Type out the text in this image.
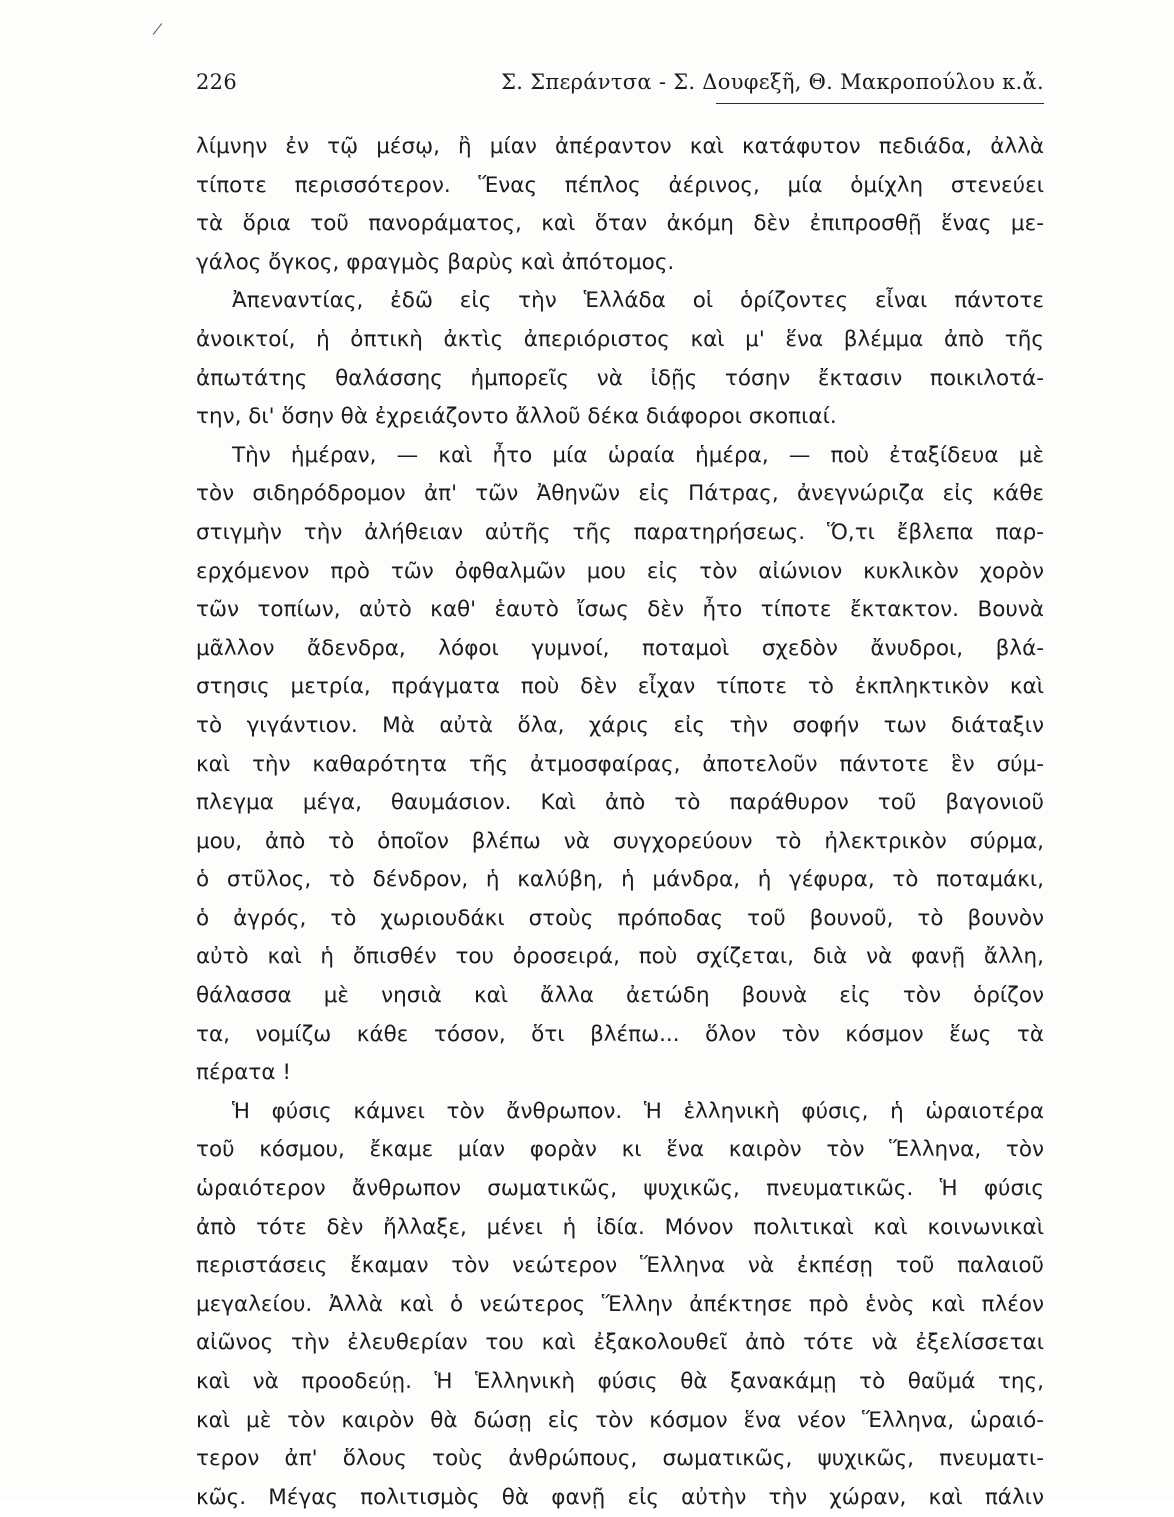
226	Σ. Σπεράντσα - Σ. Δουφεξῆ, Θ. Μακροπούλου κ.ἄ.
λίμνην ἐν τῷ μέσῳ, ἢ μίαν ἀπέραντον καὶ κατάφυτον πεδιάδα, ἀλλὰ
τίποτε περισσότερον. Ἕνας πέπλος ἀέρινος, μία ὁμίχλη στενεύει
τὰ ὅρια τοῦ πανοράματος, καὶ ὅταν ἀκόμη δὲν ἐπιπροσθῇ ἕνας με-
γάλος ὄγκος, φραγμὸς βαρὺς καὶ ἀπότομος.
Ἀπεναντίας, ἐδῶ εἰς τὴν Ἑλλάδα οἱ ὁρίζοντες εἶναι πάντοτε
ἀνοικτοί, ἡ ὀπτικὴ ἀκτὶς ἀπεριόριστος καὶ μ' ἕνα βλέμμα ἀπὸ τῆς
ἀπωτάτης θαλάσσης ἠμπορεῖς νὰ ἰδῇς τόσην ἔκτασιν ποικιλοτά-
την, δι' ὅσην θὰ ἐχρειάζοντο ἄλλοῦ δέκα διάφοροι σκοπιαί.
Τὴν ἡμέραν, — καὶ ἦτο μία ὡραία ἡμέρα, — ποὺ ἐταξίδευα μὲ
τὸν σιδηρόδρομον ἀπ' τῶν Ἀθηνῶν εἰς Πάτρας, ἀνεγνώριζα εἰς κάθε
στιγμὴν τὴν ἀλήθειαν αὐτῆς τῆς παρατηρήσεως. Ὅ,τι ἔβλεπα παρ-
ερχόμενον πρὸ τῶν ὀφθαλμῶν μου εἰς τὸν αἰώνιον κυκλικὸν χορὸν
τῶν τοπίων, αὐτὸ καθ' ἑαυτὸ ἴσως δὲν ἦτο τίποτε ἔκτακτον. Βουνὰ
μᾶλλον ἄδενδρα, λόφοι γυμνοί, ποταμοὶ σχεδὸν ἄνυδροι, βλά-
στησις μετρία, πράγματα ποὺ δὲν εἶχαν τίποτε τὸ ἐκπληκτικὸν καὶ
τὸ γιγάντιον. Μὰ αὐτὰ ὅλα, χάρις εἰς τὴν σοφήν των διάταξιν
καὶ τὴν καθαρότητα τῆς ἀτμοσφαίρας, ἀποτελοῦν πάντοτε ἓν σύμ-
πλεγμα μέγα, θαυμάσιον. Καὶ ἀπὸ τὸ παράθυρον τοῦ βαγονιοῦ
μου, ἀπὸ τὸ ὁποῖον βλέπω νὰ συγχορεύουν τὸ ἠλεκτρικὸν σύρμα,
ὁ στῦλος, τὸ δένδρον, ἡ καλύβη, ἡ μάνδρα, ἡ γέφυρα, τὸ ποταμάκι,
ὁ ἀγρός, τὸ χωριουδάκι στοὺς πρόποδας τοῦ βουνοῦ, τὸ βουνὸν
αὐτὸ καὶ ἡ ὄπισθέν του ὀροσειρά, ποὺ σχίζεται, διὰ νὰ φανῇ ἄλλη,
θάλασσα μὲ νησιὰ καὶ ἄλλα ἀετώδη βουνὰ εἰς τὸν ὁρίζον
τα, νομίζω κάθε τόσον, ὅτι βλέπω... ὅλον τὸν κόσμον ἕως τὰ
πέρατα !
Ἡ φύσις κάμνει τὸν ἄνθρωπον. Ἡ ἑλληνικὴ φύσις, ἡ ὡραιοτέρα
τοῦ κόσμου, ἔκαμε μίαν φορὰν κι ἕνα καιρὸν τὸν Ἕλληνα, τὸν
ὡραιότερον ἄνθρωπον σωματικῶς, ψυχικῶς, πνευματικῶς. Ἡ φύσις
ἀπὸ τότε δὲν ἤλλαξε, μένει ἡ ἰδία. Μόνον πολιτικαὶ καὶ κοινωνικαὶ
περιστάσεις ἔκαμαν τὸν νεώτερον Ἕλληνα νὰ ἐκπέσῃ τοῦ παλαιοῦ
μεγαλείου. Ἀλλὰ καὶ ὁ νεώτερος Ἕλλην ἀπέκτησε πρὸ ἑνὸς καὶ πλέον
αἰῶνος τὴν ἐλευθερίαν του καὶ ἐξακολουθεῖ ἀπὸ τότε νὰ ἐξελίσσεται
καὶ νὰ προοδεύῃ. Ἡ Ἑλληνικὴ φύσις θὰ ξανακάμῃ τὸ θαῦμά της,
καὶ μὲ τὸν καιρὸν θὰ δώσῃ εἰς τὸν κόσμον ἕνα νέον Ἕλληνα, ὡραιό-
τερον ἀπ' ὅλους τοὺς ἀνθρώπους, σωματικῶς, ψυχικῶς, πνευματι-
κῶς. Μέγας πολιτισμὸς θὰ φανῇ εἰς αὐτὴν τὴν χώραν, καὶ πάλιν
